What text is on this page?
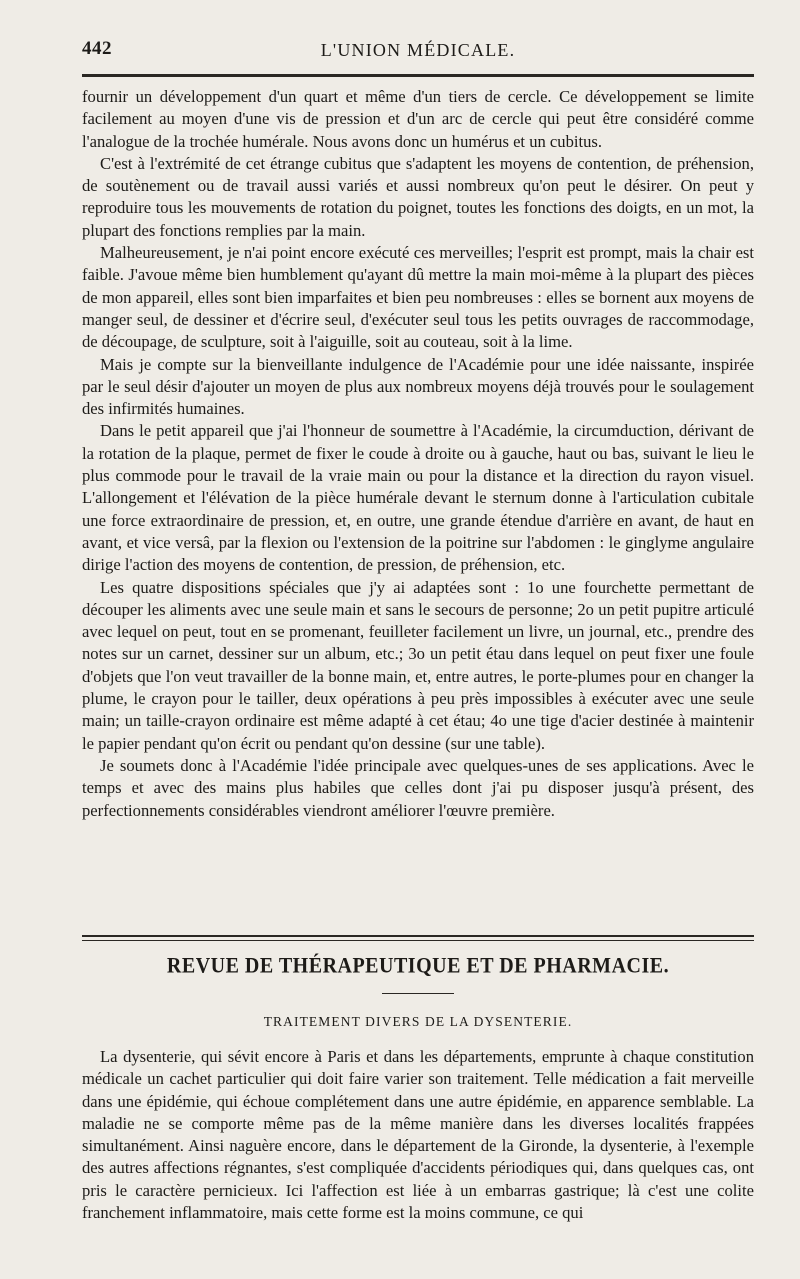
442	L'UNION MÉDICALE.

fournir un développement d'un quart et même d'un tiers de cercle. Ce développement se limite facilement au moyen d'une vis de pression et d'un arc de cercle qui peut être considéré comme l'analogue de la trochée humérale. Nous avons donc un humérus et un cubitus.

C'est à l'extrémité de cet étrange cubitus que s'adaptent les moyens de contention, de préhension, de soutènement ou de travail aussi variés et aussi nombreux qu'on peut le désirer. On peut y reproduire tous les mouvements de rotation du poignet, toutes les fonctions des doigts, en un mot, la plupart des fonctions remplies par la main.

Malheureusement, je n'ai point encore exécuté ces merveilles; l'esprit est prompt, mais la chair est faible. J'avoue même bien humblement qu'ayant dû mettre la main moi-même à la plupart des pièces de mon appareil, elles sont bien imparfaites et bien peu nombreuses : elles se bornent aux moyens de manger seul, de dessiner et d'écrire seul, d'exécuter seul tous les petits ouvrages de raccommodage, de découpage, de sculpture, soit à l'aiguille, soit au couteau, soit à la lime.

Mais je compte sur la bienveillante indulgence de l'Académie pour une idée naissante, inspirée par le seul désir d'ajouter un moyen de plus aux nombreux moyens déjà trouvés pour le soulagement des infirmités humaines.

Dans le petit appareil que j'ai l'honneur de soumettre à l'Académie, la circumduction, dérivant de la rotation de la plaque, permet de fixer le coude à droite ou à gauche, haut ou bas, suivant le lieu le plus commode pour le travail de la vraie main ou pour la distance et la direction du rayon visuel. L'allongement et l'élévation de la pièce humérale devant le sternum donne à l'articulation cubitale une force extraordinaire de pression, et, en outre, une grande étendue d'arrière en avant, de haut en avant, et vice versâ, par la flexion ou l'extension de la poitrine sur l'abdomen : le ginglyme angulaire dirige l'action des moyens de contention, de pression, de préhension, etc.

Les quatre dispositions spéciales que j'y ai adaptées sont : 1o une fourchette permettant de découper les aliments avec une seule main et sans le secours de personne; 2o un petit pupitre articulé avec lequel on peut, tout en se promenant, feuilleter facilement un livre, un journal, etc., prendre des notes sur un carnet, dessiner sur un album, etc.; 3o un petit étau dans lequel on peut fixer une foule d'objets que l'on veut travailler de la bonne main, et, entre autres, le porte-plumes pour en changer la plume, le crayon pour le tailler, deux opérations à peu près impossibles à exécuter avec une seule main; un taille-crayon ordinaire est même adapté à cet étau; 4o une tige d'acier destinée à maintenir le papier pendant qu'on écrit ou pendant qu'on dessine (sur une table).

Je soumets donc à l'Académie l'idée principale avec quelques-unes de ses applications. Avec le temps et avec des mains plus habiles que celles dont j'ai pu disposer jusqu'à présent, des perfectionnements considérables viendront améliorer l'œuvre première.

REVUE DE THÉRAPEUTIQUE ET DE PHARMACIE.
TRAITEMENT DIVERS DE LA DYSENTERIE.

La dysenterie, qui sévit encore à Paris et dans les départements, emprunte à chaque constitution médicale un cachet particulier qui doit faire varier son traitement. Telle médication a fait merveille dans une épidémie, qui échoue complétement dans une autre épidémie, en apparence semblable. La maladie ne se comporte même pas de la même manière dans les diverses localités frappées simultanément. Ainsi naguère encore, dans le département de la Gironde, la dysenterie, à l'exemple des autres affections régnantes, s'est compliquée d'accidents périodiques qui, dans quelques cas, ont pris le caractère pernicieux. Ici l'affection est liée à un embarras gastrique; là c'est une colite franchement inflammatoire, mais cette forme est la moins commune, ce qui
